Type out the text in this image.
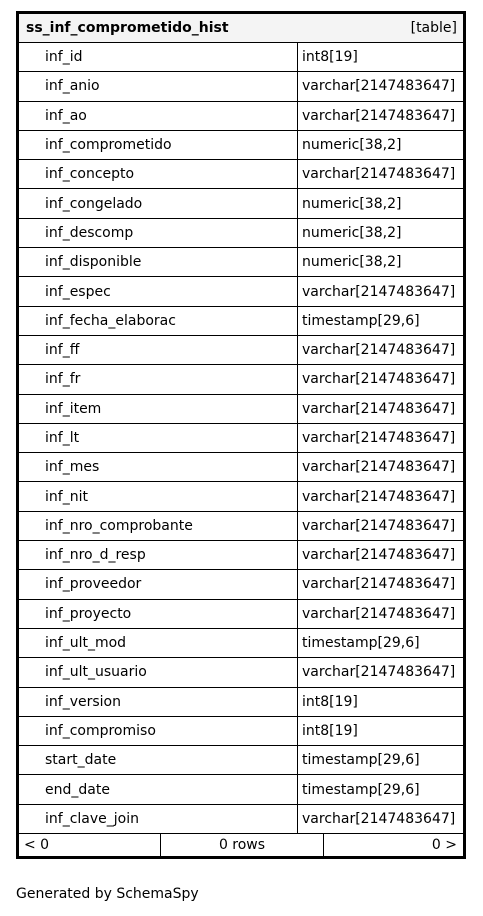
ss_inf_comprometido_hist	[table]
inf_id	int8[19]
inf_anio	varchar[2147483647]
inf_ao	varchar[2147483647]
inf_comprometido	numeric[38,2]
inf_concepto	varchar[2147483647]
inf_congelado	numeric[38,2]
inf_descomp	numeric[38,2]
inf_disponible	numeric[38,2]
inf_espec	varchar[2147483647]
inf_fecha_elaborac	timestamp[29,6]
inf_ff	varchar[2147483647]
inf_fr	varchar[2147483647]
inf_item	varchar[2147483647]
inf_lt	varchar[2147483647]
inf_mes	varchar[2147483647]
inf_nit	varchar[2147483647]
inf_nro_comprobante	varchar[2147483647]
inf_nro_d_resp	varchar[2147483647]
inf_proveedor	varchar[2147483647]
inf_proyecto	varchar[2147483647]
inf_ult_mod	timestamp[29,6]
inf_ult_usuario	varchar[2147483647]
inf_version	int8[19]
inf_compromiso	int8[19]
start_date	timestamp[29,6]
end_date	timestamp[29,6]
inf_clave_join	varchar[2147483647]
< 0	0 rows	0 >
Generated by SchemaSpy
